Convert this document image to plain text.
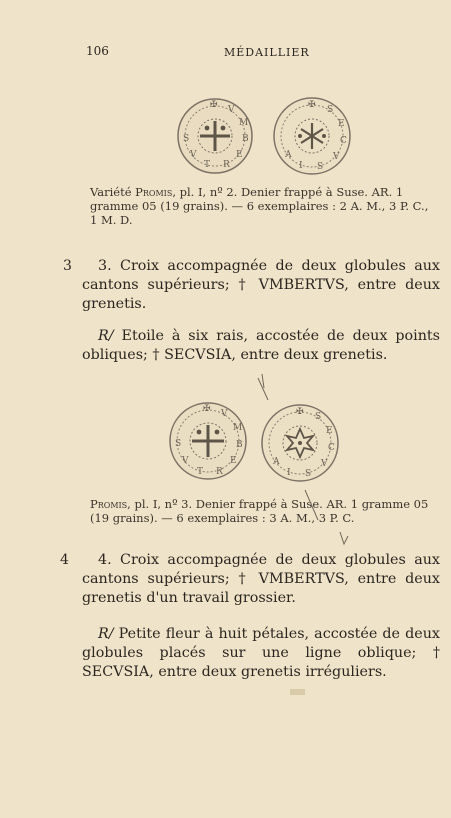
106	MÉDAILLIER
✠ V
M
B
E
R
T
V
S
✠ S
E
C
V
S
I
A
Variété Promis, pl. I, nº 2. Denier frappé à Suse. AR. 1 gramme 05 (19 grains). — 6 exemplaires : 2 A. M., 3 P. C., 1 M. D.
3	3. Croix accompagnée de deux globules aux cantons supérieurs; † VMBERTVS, entre deux grenetis.
R/ Etoile à six rais, accostée de deux points obliques; † SECVSIA, entre deux grenetis.
✠ V
M
B
E
R
T
V
S
✠ S
E
C
V
S
I
A
Promis, pl. I, nº 3. Denier frappé à Suse. AR. 1 gramme 05 (19 grains). — 6 exemplaires : 3 A. M., 3 P. C.
4	4. Croix accompagnée de deux globules aux cantons supérieurs; † VMBERTVS, entre deux grenetis d'un travail grossier.
R/ Petite fleur à huit pétales, accostée de deux globules placés sur une ligne oblique; † SECVSIA, entre deux grenetis irréguliers.
